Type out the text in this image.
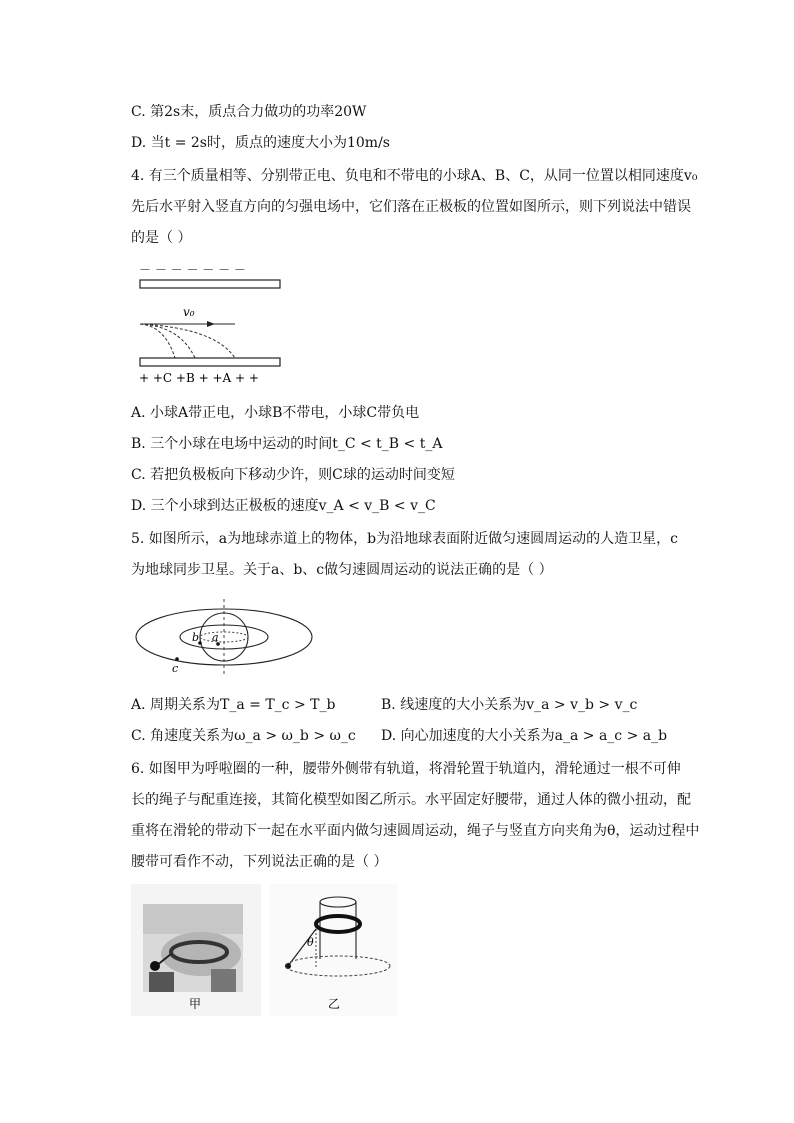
C. 第2s末，质点合力做功的功率20W
D. 当t = 2s时，质点的速度大小为10m/s
4. 有三个质量相等、分别带正电、负电和不带电的小球A、B、C，从同一位置以相同速度v₀
先后水平射入竖直方向的匀强电场中，它们落在正极板的位置如图所示，则下列说法中错误
的是（ ）
－ － － － － － －
v₀
+ +C +B + +A + +
A. 小球A带正电，小球B不带电，小球C带负电
B. 三个小球在电场中运动的时间t_C < t_B < t_A
C. 若把负极板向下移动少许，则C球的运动时间变短
D. 三个小球到达正极板的速度v_A < v_B < v_C
5. 如图所示，a为地球赤道上的物体，b为沿地球表面附近做匀速圆周运动的人造卫星，c
为地球同步卫星。关于a、b、c做匀速圆周运动的说法正确的是（ ）
a
b
c
A. 周期关系为T_a = T_c > T_b	B. 线速度的大小关系为v_a > v_b > v_c
C. 角速度关系为ω_a > ω_b > ω_c D. 向心加速度的大小关系为a_a > a_c > a_b
6. 如图甲为呼啦圈的一种，腰带外侧带有轨道，将滑轮置于轨道内，滑轮通过一根不可伸
长的绳子与配重连接，其简化模型如图乙所示。水平固定好腰带，通过人体的微小扭动，配
重将在滑轮的带动下一起在水平面内做匀速圆周运动，绳子与竖直方向夹角为θ，运动过程中
腰带可看作不动，下列说法正确的是（ ）
甲
θ
乙
